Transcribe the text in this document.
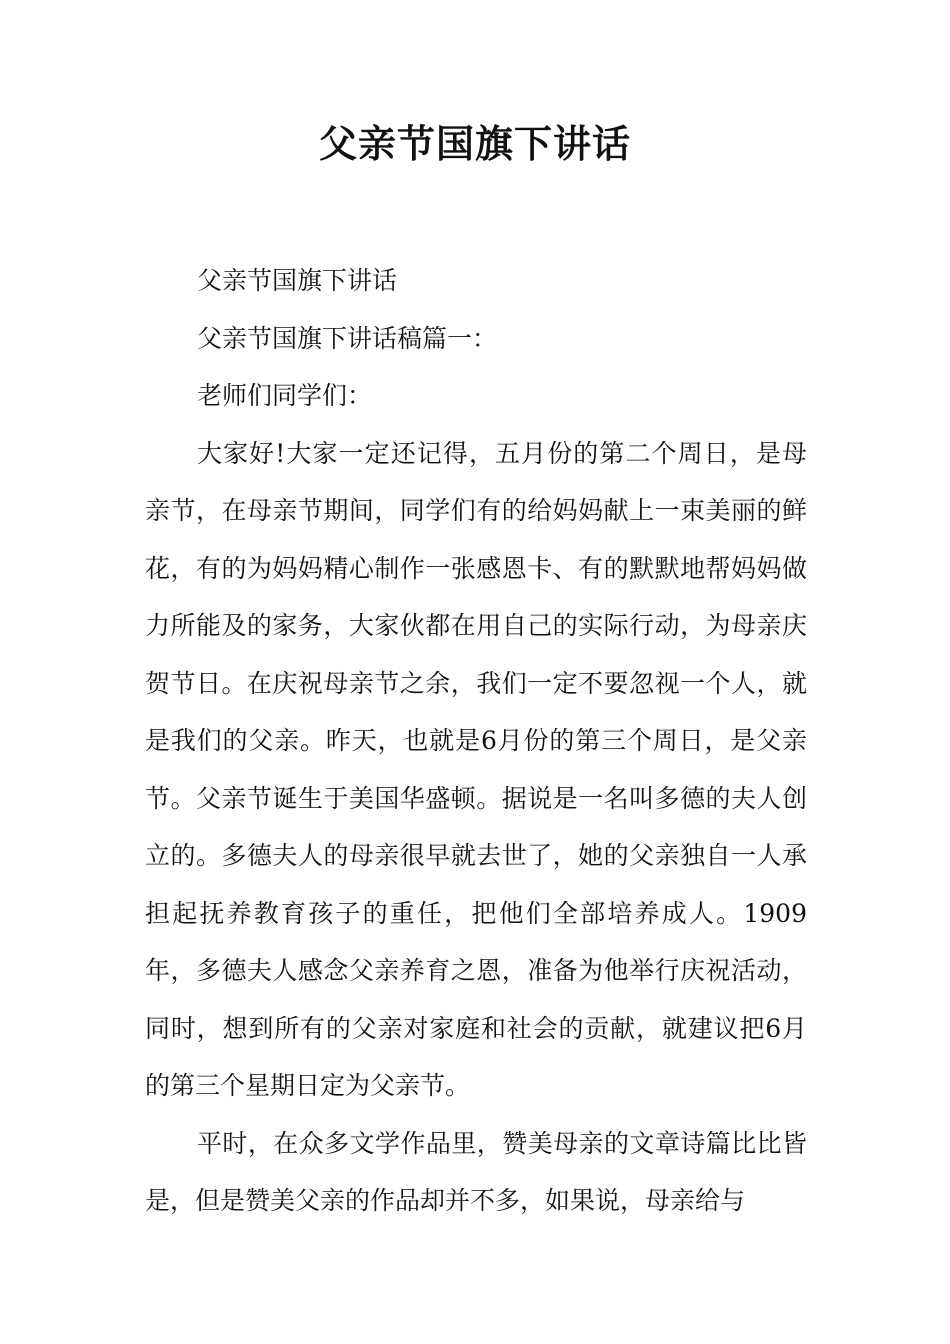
父亲节国旗下讲话

父亲节国旗下讲话

父亲节国旗下讲话稿篇一：

老师们同学们：

大家好!大家一定还记得，五月份的第二个周日，是母亲节，在母亲节期间，同学们有的给妈妈献上一束美丽的鲜花，有的为妈妈精心制作一张感恩卡、有的默默地帮妈妈做力所能及的家务，大家伙都在用自己的实际行动，为母亲庆贺节日。在庆祝母亲节之余，我们一定不要忽视一个人，就是我们的父亲。昨天，也就是6月份的第三个周日，是父亲节。父亲节诞生于美国华盛顿。据说是一名叫多德的夫人创立的。多德夫人的母亲很早就去世了，她的父亲独自一人承担起抚养教育孩子的重任，把他们全部培养成人。1909年，多德夫人感念父亲养育之恩，准备为他举行庆祝活动，同时，想到所有的父亲对家庭和社会的贡献，就建议把6月的第三个星期日定为父亲节。

平时，在众多文学作品里，赞美母亲的文章诗篇比比皆是，但是赞美父亲的作品却并不多，如果说，母亲给与
